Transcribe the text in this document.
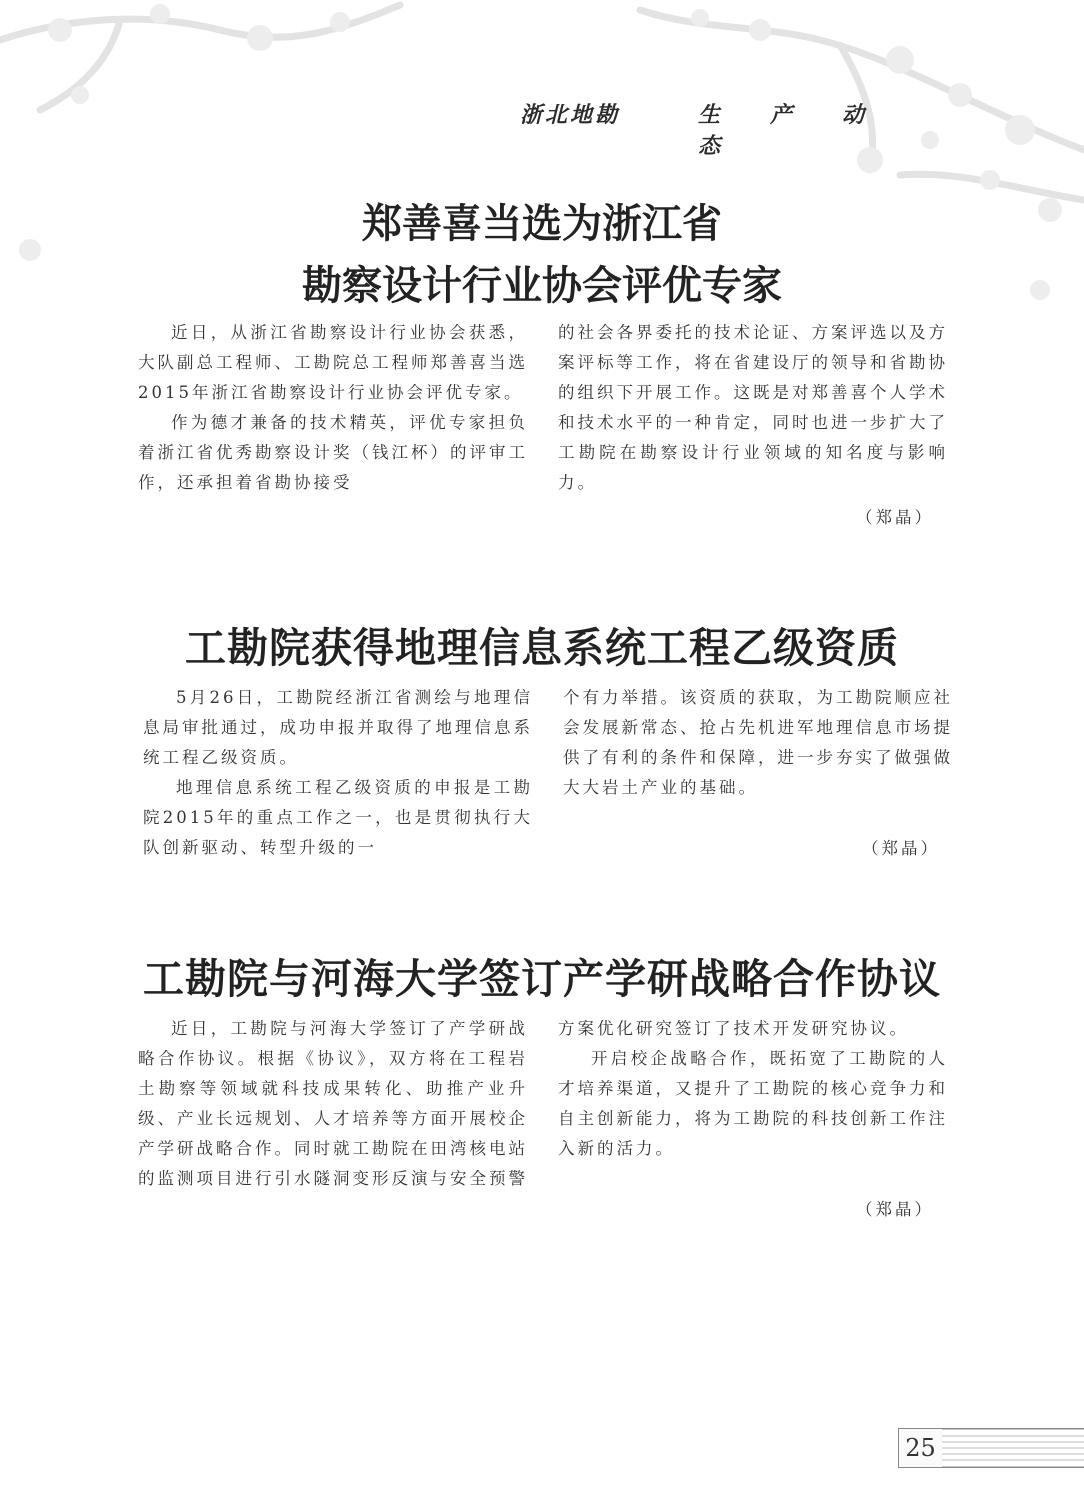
浙北地勘	生产动态
郑善喜当选为浙江省
勘察设计行业协会评优专家

近日，从浙江省勘察设计行业协会获悉，大队副总工程师、工勘院总工程师郑善喜当选2015年浙江省勘察设计行业协会评优专家。

作为德才兼备的技术精英，评优专家担负着浙江省优秀勘察设计奖（钱江杯）的评审工作，还承担着省勘协接受

的社会各界委托的技术论证、方案评选以及方案评标等工作，将在省建设厅的领导和省勘协的组织下开展工作。这既是对郑善喜个人学术和技术水平的一种肯定，同时也进一步扩大了工勘院在勘察设计行业领域的知名度与影响力。

（郑晶）
工勘院获得地理信息系统工程乙级资质

5月26日，工勘院经浙江省测绘与地理信息局审批通过，成功申报并取得了地理信息系统工程乙级资质。

地理信息系统工程乙级资质的申报是工勘院2015年的重点工作之一，也是贯彻执行大队创新驱动、转型升级的一

个有力举措。该资质的获取，为工勘院顺应社会发展新常态、抢占先机进军地理信息市场提供了有利的条件和保障，进一步夯实了做强做大大岩土产业的基础。

（郑晶）
工勘院与河海大学签订产学研战略合作协议

近日，工勘院与河海大学签订了产学研战略合作协议。根据《协议》，双方将在工程岩土勘察等领域就科技成果转化、助推产业升级、产业长远规划、人才培养等方面开展校企产学研战略合作。同时就工勘院在田湾核电站的监测项目进行引水隧洞变形反演与安全预警

方案优化研究签订了技术开发研究协议。

开启校企战略合作，既拓宽了工勘院的人才培养渠道，又提升了工勘院的核心竞争力和自主创新能力，将为工勘院的科技创新工作注入新的活力。

（郑晶）
25
